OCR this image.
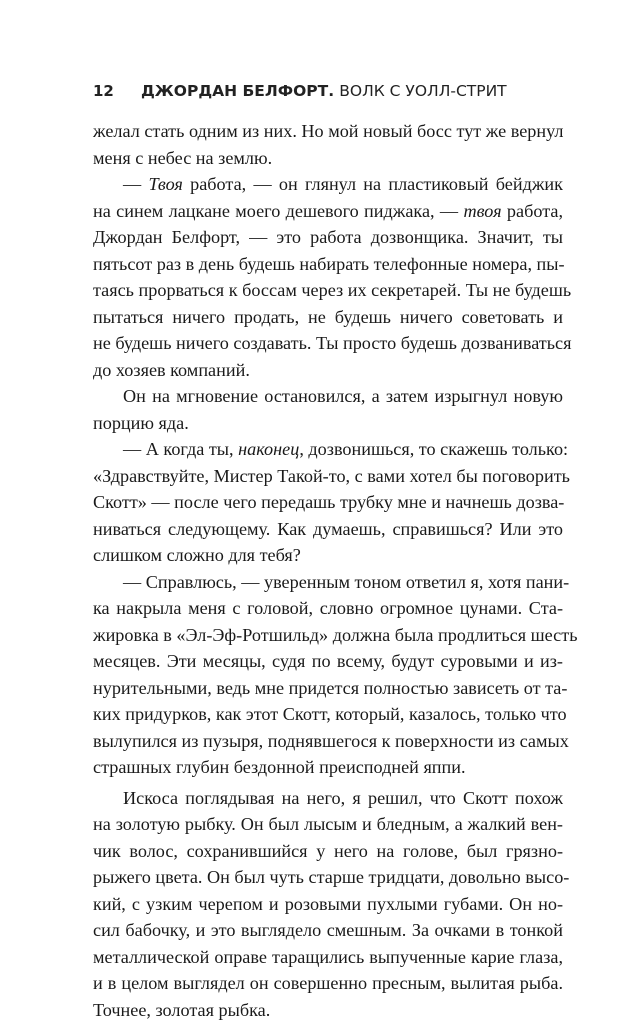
12 ДЖОРДАН БЕЛФОРТ. ВОЛК С УОЛЛ-СТРИТ
желал стать одним из них. Но мой новый босс тут же вернул
меня с небес на землю.
— Твоя работа, — он глянул на пластиковый бейджик
на синем лацкане моего дешевого пиджака, — твоя работа,
Джордан Белфорт, — это работа дозвонщика. Значит, ты
пятьсот раз в день будешь набирать телефонные номера, пы-
таясь прорваться к боссам через их секретарей. Ты не будешь
пытаться ничего продать, не будешь ничего советовать и
не будешь ничего создавать. Ты просто будешь дозваниваться
до хозяев компаний.
Он на мгновение остановился, а затем изрыгнул новую
порцию яда.
— А когда ты, наконец, дозвонишься, то скажешь только:
«Здравствуйте, Мистер Такой-то, с вами хотел бы поговорить
Скотт» — после чего передашь трубку мне и начнешь дозва-
ниваться следующему. Как думаешь, справишься? Или это
слишком сложно для тебя?
— Справлюсь, — уверенным тоном ответил я, хотя пани-
ка накрыла меня с головой, словно огромное цунами. Ста-
жировка в «Эл-Эф-Ротшильд» должна была продлиться шесть
месяцев. Эти месяцы, судя по всему, будут суровыми и из-
нурительными, ведь мне придется полностью зависеть от та-
ких придурков, как этот Скотт, который, казалось, только что
вылупился из пузыря, поднявшегося к поверхности из самых
страшных глубин бездонной преисподней яппи.
Искоса поглядывая на него, я решил, что Скотт похож
на золотую рыбку. Он был лысым и бледным, а жалкий вен-
чик волос, сохранившийся у него на голове, был грязно-
рыжего цвета. Он был чуть старше тридцати, довольно высо-
кий, с узким черепом и розовыми пухлыми губами. Он но-
сил бабочку, и это выглядело смешным. За очками в тонкой
металлической оправе таращились выпученные карие глаза,
и в целом выглядел он совершенно пресным, вылитая рыба.
Точнее, золотая рыбка.
